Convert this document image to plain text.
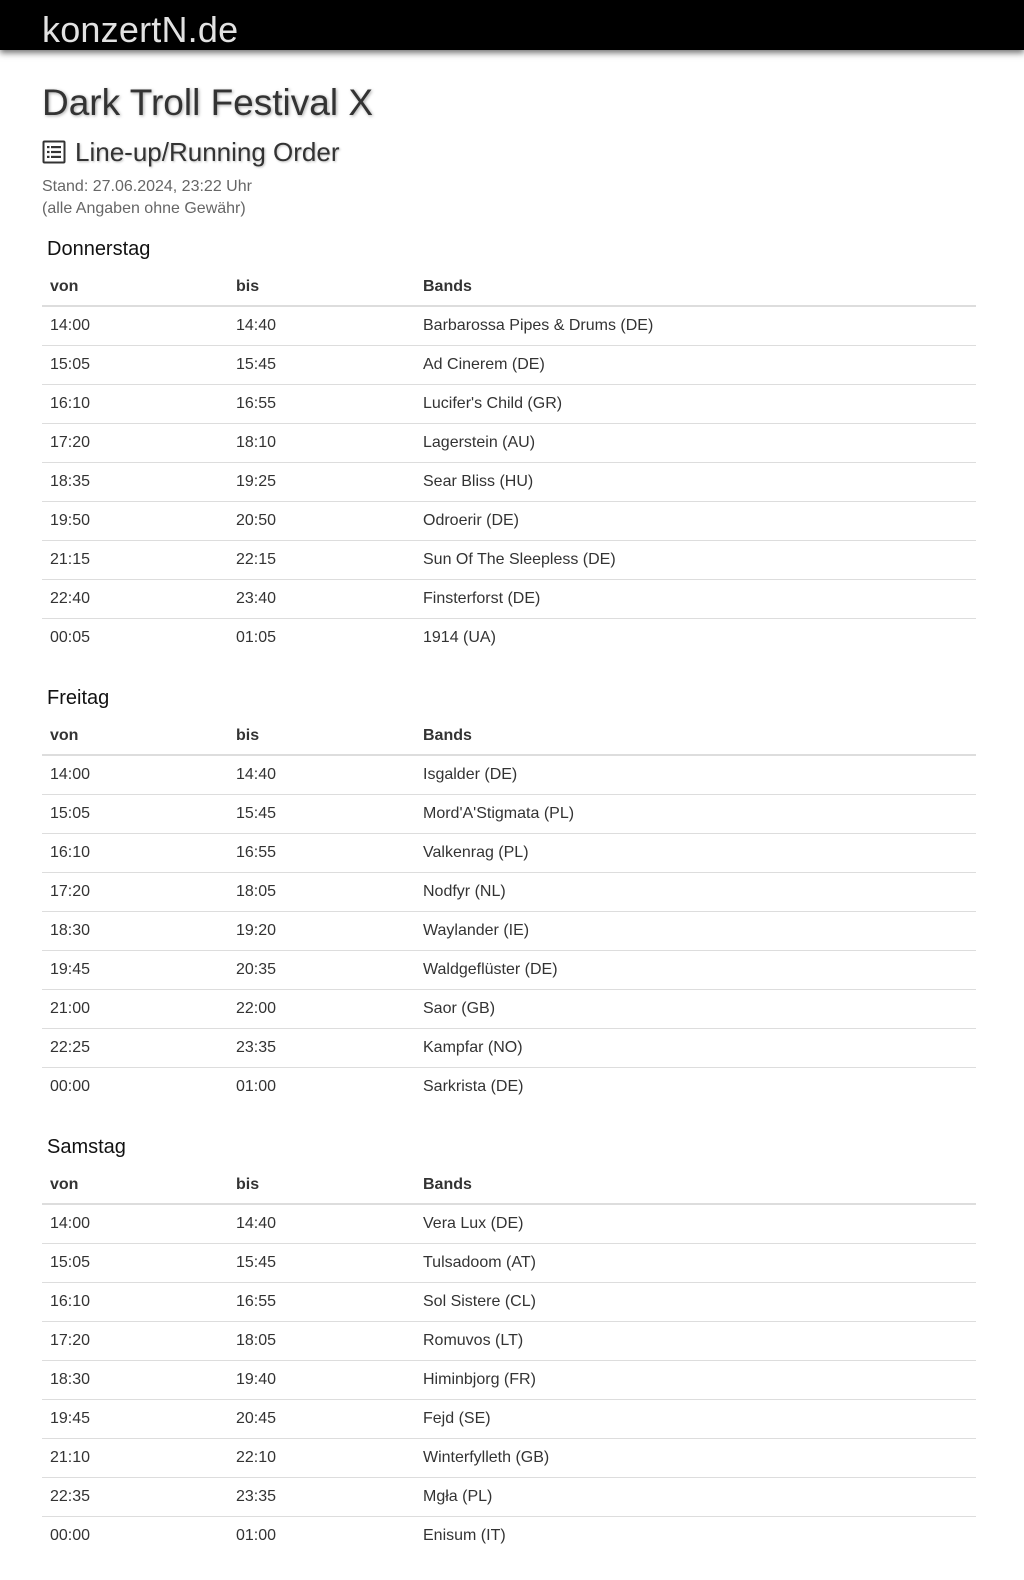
konzertN.de
Dark Troll Festival X
Line-up/Running Order
Stand: 27.06.2024, 23:22 Uhr
(alle Angaben ohne Gewähr)
Donnerstag
von	bis	Bands
14:00	14:40	Barbarossa Pipes & Drums (DE)
15:05	15:45	Ad Cinerem (DE)
16:10	16:55	Lucifer's Child (GR)
17:20	18:10	Lagerstein (AU)
18:35	19:25	Sear Bliss (HU)
19:50	20:50	Odroerir (DE)
21:15	22:15	Sun Of The Sleepless (DE)
22:40	23:40	Finsterforst (DE)
00:05	01:05	1914 (UA)
Freitag
von	bis	Bands
14:00	14:40	Isgalder (DE)
15:05	15:45	Mord'A'Stigmata (PL)
16:10	16:55	Valkenrag (PL)
17:20	18:05	Nodfyr (NL)
18:30	19:20	Waylander (IE)
19:45	20:35	Waldgeflüster (DE)
21:00	22:00	Saor (GB)
22:25	23:35	Kampfar (NO)
00:00	01:00	Sarkrista (DE)
Samstag
von	bis	Bands
14:00	14:40	Vera Lux (DE)
15:05	15:45	Tulsadoom (AT)
16:10	16:55	Sol Sistere (CL)
17:20	18:05	Romuvos (LT)
18:30	19:40	Himinbjorg (FR)
19:45	20:45	Fejd (SE)
21:10	22:10	Winterfylleth (GB)
22:35	23:35	Mgła (PL)
00:00	01:00	Enisum (IT)
